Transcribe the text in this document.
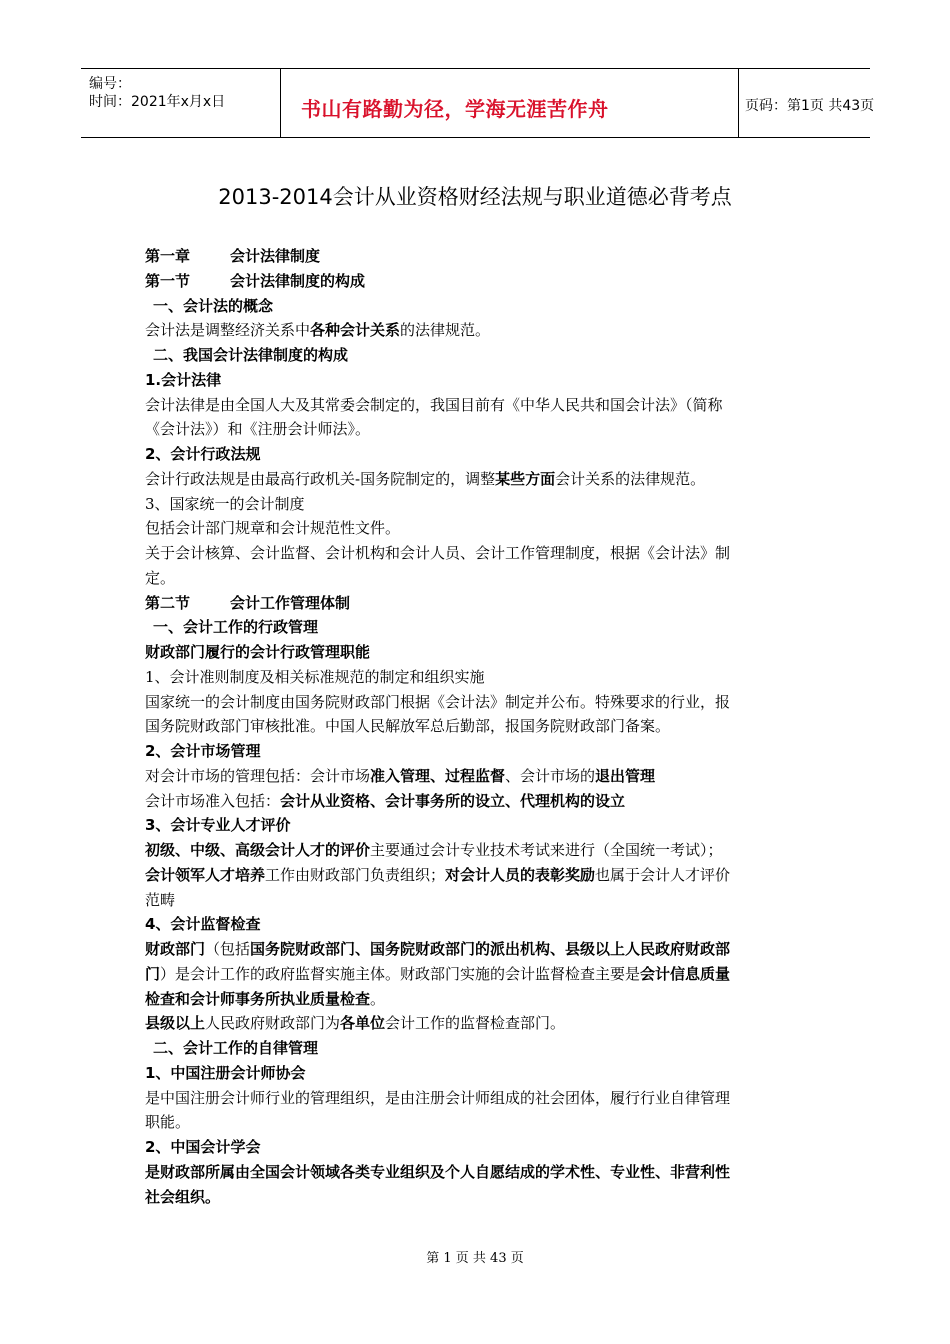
编号：
时间：2021年x月x日	书山有路勤为径，学海无涯苦作舟	页码：第1页 共43页
2013-2014会计从业资格财经法规与职业道德必背考点
第一章	会计法律制度
第一节	会计法律制度的构成
一、会计法的概念
会计法是调整经济关系中各种会计关系的法律规范。
二、我国会计法律制度的构成
1.会计法律
会计法律是由全国人大及其常委会制定的，我国目前有《中华人民共和国会计法》（简称
《会计法》）和《注册会计师法》。
2、会计行政法规
会计行政法规是由最高行政机关-国务院制定的，调整某些方面会计关系的法律规范。
3、国家统一的会计制度
包括会计部门规章和会计规范性文件。
关于会计核算、会计监督、会计机构和会计人员、会计工作管理制度，根据《会计法》制
定。
第二节	会计工作管理体制
一、会计工作的行政管理
财政部门履行的会计行政管理职能
1、会计准则制度及相关标准规范的制定和组织实施
国家统一的会计制度由国务院财政部门根据《会计法》制定并公布。特殊要求的行业，报
国务院财政部门审核批准。中国人民解放军总后勤部，报国务院财政部门备案。
2、会计市场管理
对会计市场的管理包括：会计市场准入管理、过程监督、会计市场的退出管理
会计市场准入包括：会计从业资格、会计事务所的设立、代理机构的设立
3、会计专业人才评价
初级、中级、高级会计人才的评价主要通过会计专业技术考试来进行（全国统一考试）；
会计领军人才培养工作由财政部门负责组织；对会计人员的表彰奖励也属于会计人才评价
范畴
4、会计监督检查
财政部门（包括国务院财政部门、国务院财政部门的派出机构、县级以上人民政府财政部
门）是会计工作的政府监督实施主体。财政部门实施的会计监督检查主要是会计信息质量
检查和会计师事务所执业质量检查。
县级以上人民政府财政部门为各单位会计工作的监督检查部门。
二、会计工作的自律管理
1、中国注册会计师协会
是中国注册会计师行业的管理组织，是由注册会计师组成的社会团体，履行行业自律管理
职能。
2、中国会计学会
是财政部所属由全国会计领域各类专业组织及个人自愿结成的学术性、专业性、非营利性
社会组织。
第 1 页 共 43 页
